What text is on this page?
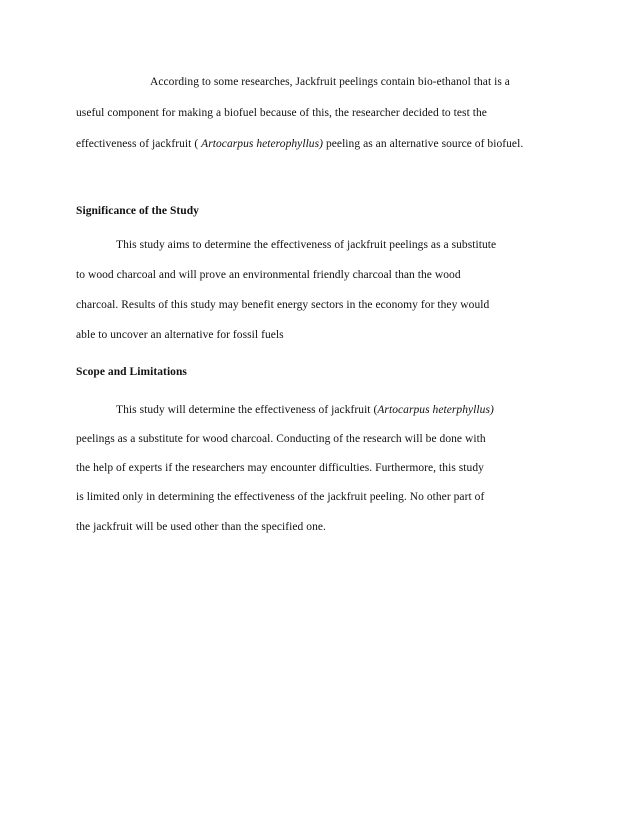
According to some researches, Jackfruit peelings contain bio-ethanol that is a
useful component for making a biofuel because of this, the researcher decided to test the
effectiveness of jackfruit ( Artocarpus heterophyllus) peeling as an alternative source of biofuel.
Significance of the Study
This study aims to determine the effectiveness of jackfruit peelings as a substitute
to wood charcoal and will prove an environmental friendly charcoal than the wood
charcoal. Results of this study may benefit energy sectors in the economy for they would
able to uncover an alternative for fossil fuels
Scope and Limitations
This study will determine the effectiveness of jackfruit (Artocarpus heterphyllus)
peelings as a substitute for wood charcoal. Conducting of the research will be done with
the help of experts if the researchers may encounter difficulties. Furthermore, this study
is limited only in determining the effectiveness of the jackfruit peeling. No other part of
the jackfruit will be used other than the specified one.
